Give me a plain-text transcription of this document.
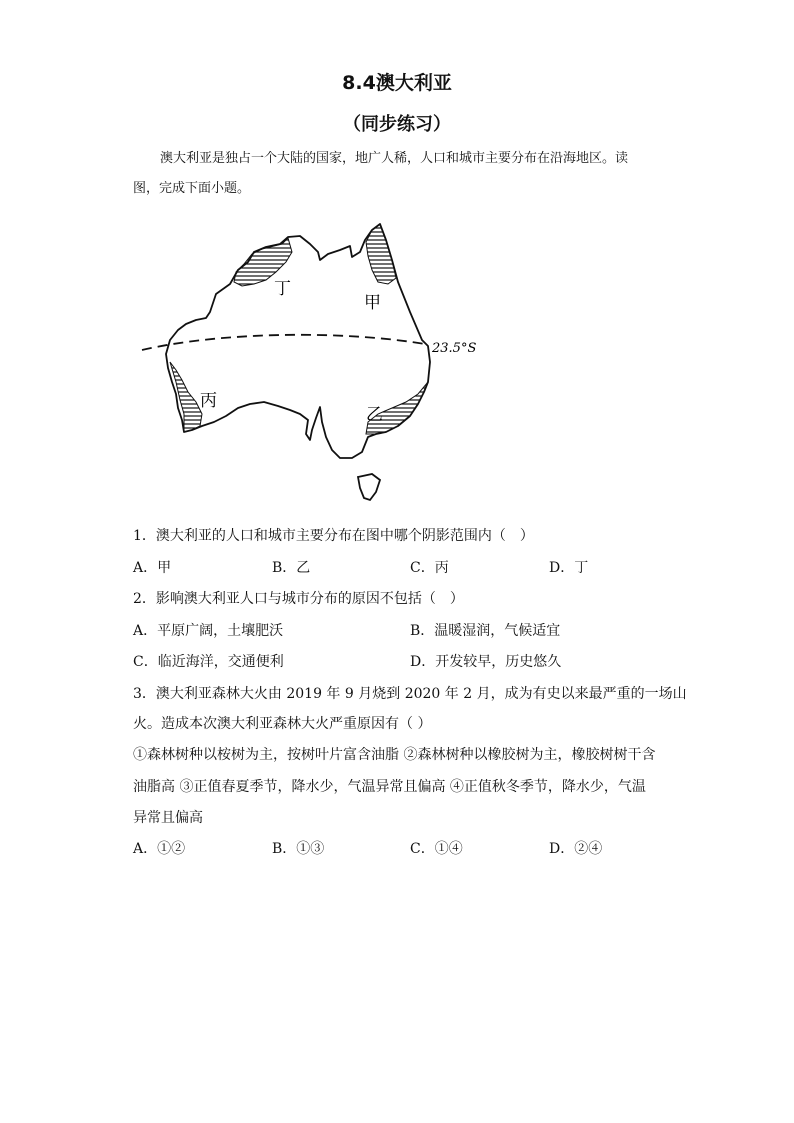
8.4澳大利亚
（同步练习）
澳大利亚是独占一个大陆的国家，地广人稀，人口和城市主要分布在沿海地区。读
图，完成下面小题。
23.5°S
甲
丁
丙
乙
1．澳大利亚的人口和城市主要分布在图中哪个阴影范围内（　）
A．甲	B．乙	C．丙	D．丁
2．影响澳大利亚人口与城市分布的原因不包括（　）
A．平原广阔，土壤肥沃	B．温暖湿润，气候适宜
C．临近海洋，交通便利	D．开发较早，历史悠久
3．澳大利亚森林大火由 2019 年 9 月烧到 2020 年 2 月，成为有史以来最严重的一场山
火。造成本次澳大利亚森林大火严重原因有（ ）
①森林树种以桉树为主，按树叶片富含油脂 ②森林树种以橡胶树为主，橡胶树树干含
油脂高 ③正值春夏季节，降水少，气温异常且偏高 ④正值秋冬季节，降水少，气温
异常且偏高
A．①②	B．①③	C．①④	D．②④
